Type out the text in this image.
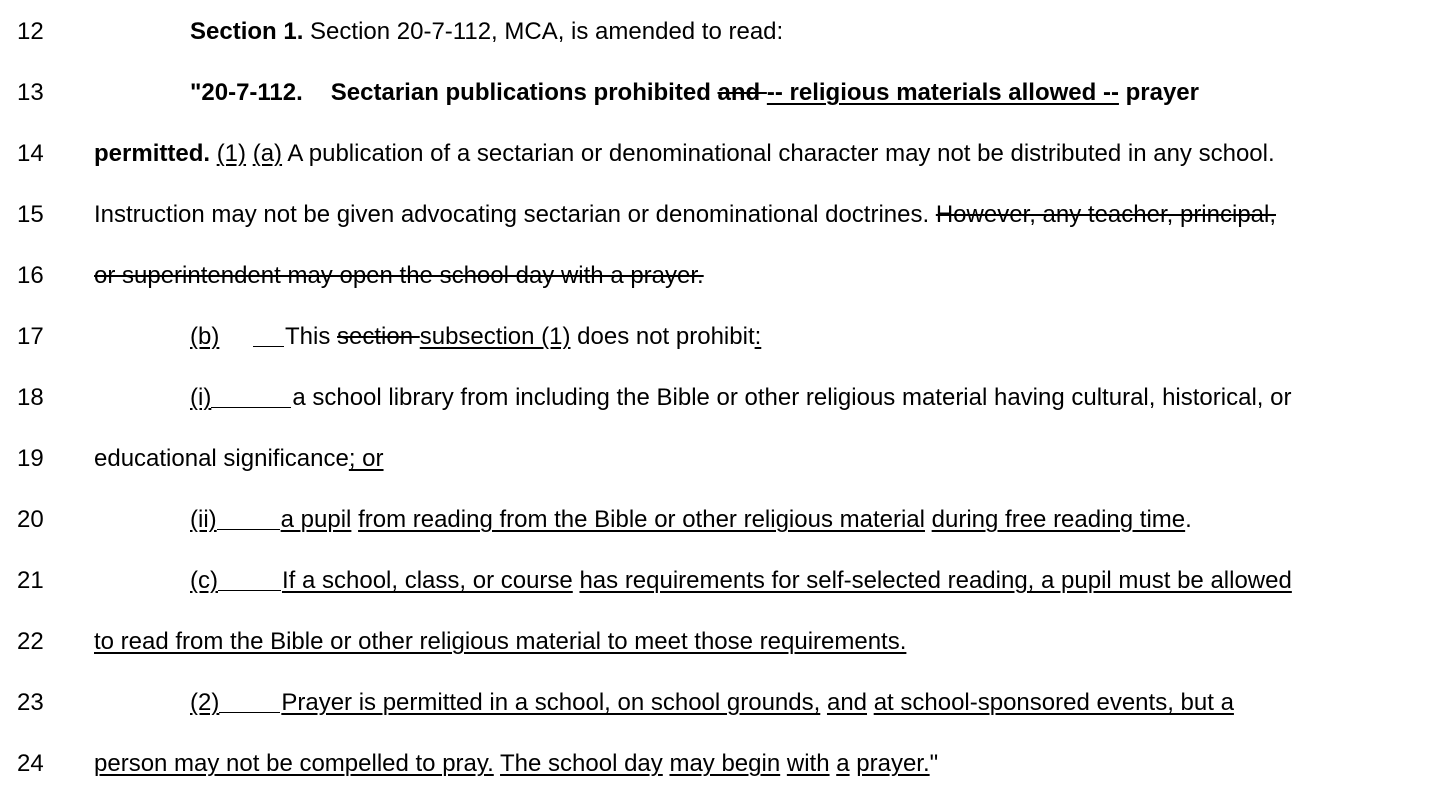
12	Section 1. Section 20-7-112, MCA, is amended to read:
13	"20-7-112. Sectarian publications prohibited and -- religious materials allowed -- prayer
14	permitted. (1) (a) A publication of a sectarian or denominational character may not be distributed in any school.
15	Instruction may not be given advocating sectarian or denominational doctrines. However, any teacher, principal,
16	or superintendent may open the school day with a prayer.
17	(b)	This section subsection (1) does not prohibit:
18	(i)	a school library from including the Bible or other religious material having cultural, historical, or
19	educational significance; or
20	(ii)	a pupil from reading from the Bible or other religious material during free reading time.
21	(c)	If a school, class, or course has requirements for self-selected reading, a pupil must be allowed
22	to read from the Bible or other religious material to meet those requirements.
23	(2)	Prayer is permitted in a school, on school grounds, and at school-sponsored events, but a
24	person may not be compelled to pray. The school day may begin with a prayer."
